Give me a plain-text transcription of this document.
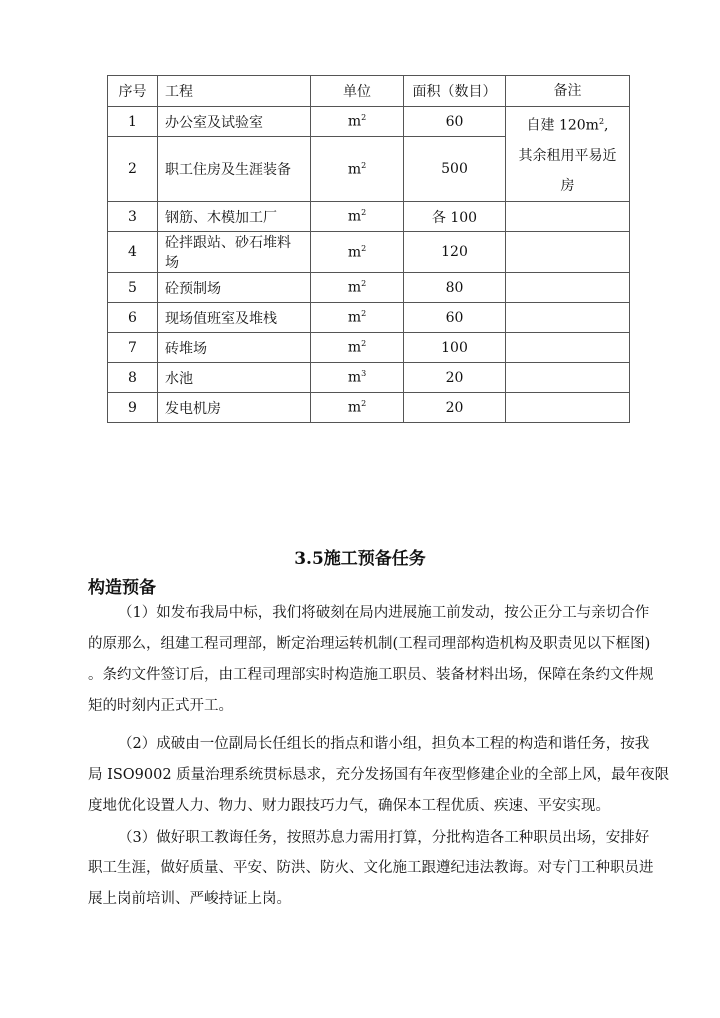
序号	工程	单位	面积（数目）	备注
1	办公室及试验室	$m^2$	60	自建 $120m^2$,
其余租用平易近
房
2	职工住房及生涯装备	$m^2$	500	
3	钢筋、木模加工厂	$m^2$	各 100	
4	砼拌跟站、砂石堆料场	$m^2$	120	
5	砼预制场	$m^2$	80	
6	现场值班室及堆栈	$m^2$	60	
7	砖堆场	$m^2$	100	
8	水池	$m^3$	20	
9	发电机房	$m^2$	20	
3.5施工预备任务
构造预备
（1）如发布我局中标，我们将破刻在局内进展施工前发动，按公正分工与亲切合作
的原那么，组建工程司理部，断定治理运转机制(工程司理部构造机构及职责见以下框图)
。条约文件签订后，由工程司理部实时构造施工职员、装备材料出场，保障在条约文件规
矩的时刻内正式开工。
（2）成破由一位副局长任组长的指点和谐小组，担负本工程的构造和谐任务，按我
局 ISO9002 质量治理系统贯标恳求，充分发扬国有年夜型修建企业的全部上风，最年夜限
度地优化设置人力、物力、财力跟技巧力气，确保本工程优质、疾速、平安实现。
（3）做好职工教诲任务，按照苏息力需用打算，分批构造各工种职员出场，安排好
职工生涯，做好质量、平安、防洪、防火、文化施工跟遵纪违法教诲。对专门工种职员进
展上岗前培训、严峻持证上岗。
